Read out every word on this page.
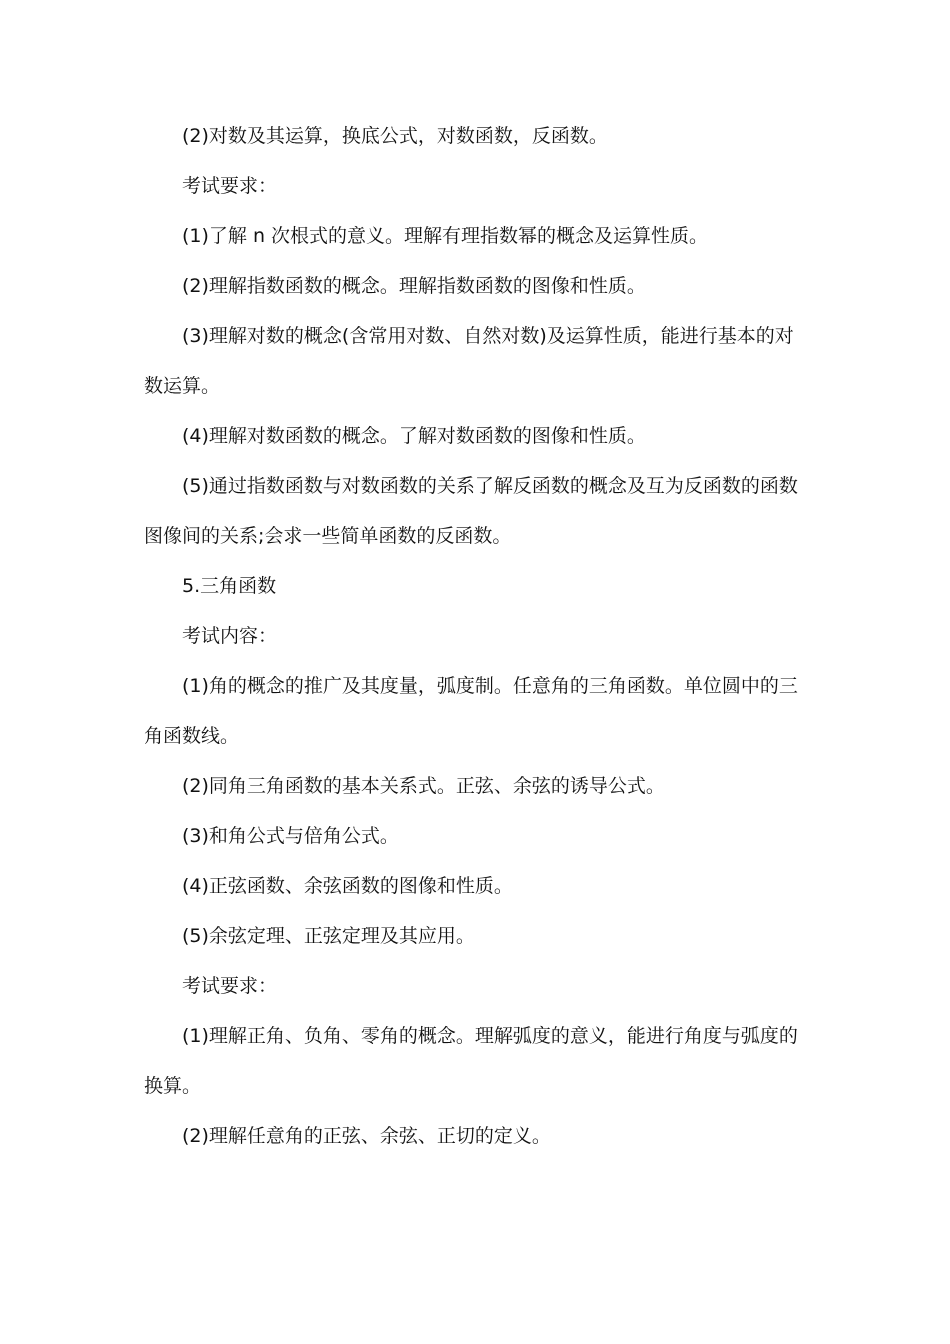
(2)对数及其运算，换底公式，对数函数，反函数。

考试要求：

(1)了解 n 次根式的意义。理解有理指数幂的概念及运算性质。

(2)理解指数函数的概念。理解指数函数的图像和性质。

(3)理解对数的概念(含常用对数、自然对数)及运算性质，能进行基本的对数运算。

(4)理解对数函数的概念。了解对数函数的图像和性质。

(5)通过指数函数与对数函数的关系了解反函数的概念及互为反函数的函数图像间的关系;会求一些简单函数的反函数。

5.三角函数

考试内容：

(1)角的概念的推广及其度量，弧度制。任意角的三角函数。单位圆中的三角函数线。

(2)同角三角函数的基本关系式。正弦、余弦的诱导公式。

(3)和角公式与倍角公式。

(4)正弦函数、余弦函数的图像和性质。

(5)余弦定理、正弦定理及其应用。

考试要求：

(1)理解正角、负角、零角的概念。理解弧度的意义，能进行角度与弧度的换算。

(2)理解任意角的正弦、余弦、正切的定义。
